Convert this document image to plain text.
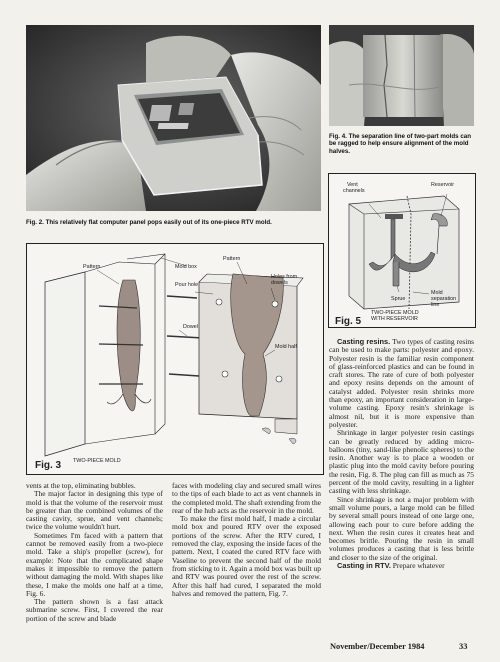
Fig. 2. This relatively flat computer panel pops easily out of its one-piece RTV mold.
Fig. 4. The separation line of two-part molds can be ragged to help ensure alignment of the mold halves.
Vent
channels
Reservoir
Sprue
Mold
separation
line
Fig. 5
TWO-PIECE MOLD
WITH RESERVOIR
Pattern	Mold box
Pattern
Pour hole
Holes from
dowels
Dowel
Mold half
Fig. 3 TWO-PIECE MOLD

vents at the top, eliminating bubbles.

The major factor in designing this type of mold is that the volume of the reservoir must be greater than the combined volumes of the casting cavity, sprue, and vent channels; twice the volume wouldn't hurt.

Sometimes I'm faced with a pattern that cannot be removed easily from a two-piece mold. Take a ship's propeller (screw), for example: Note that the complicated shape makes it impossible to remove the pattern without damaging the mold. With shapes like these, I make the molds one half at a time, Fig. 6.

The pattern shown is a fast attack submarine screw. First, I covered the rear portion of the screw and blade

faces with modeling clay and secured small wires to the tips of each blade to act as vent channels in the completed mold. The shaft extending from the rear of the hub acts as the reservoir in the mold.

To make the first mold half, I made a circular mold box and poured RTV over the exposed portions of the screw. After the RTV cured, I removed the clay, exposing the inside faces of the pattern. Next, I coated the cured RTV face with Vaseline to prevent the second half of the mold from sticking to it. Again a mold box was built up and RTV was poured over the rest of the screw. After this half had cured, I separated the mold halves and removed the pattern, Fig. 7.

Casting resins. Two types of casting resins can be used to make parts: polyester and epoxy. Polyester resin is the familiar resin component of glass-reinforced plastics and can be found in craft stores. The rate of cure of both polyester and epoxy resins depends on the amount of catalyst added. Polyester resin shrinks more than epoxy, an important consideration in large-volume casting. Epoxy resin's shrinkage is almost nil, but it is more expensive than polyester.

Shrinkage in larger polyester resin castings can be greatly reduced by adding micro-balloons (tiny, sand-like phenolic spheres) to the resin. Another way is to place a wooden or plastic plug into the mold cavity before pouring the resin, Fig. 8. The plug can fill as much as 75 percent of the mold cavity, resulting in a lighter casting with less shrinkage.

Since shrinkage is not a major problem with small volume pours, a large mold can be filled by several small pours instead of one large one, allowing each pour to cure before adding the next. When the resin cures it creates heat and becomes brittle. Pouring the resin in small volumes produces a casting that is less brittle and closer to the size of the original.

Casting in RTV. Prepare whatever

November/December 1984	33
